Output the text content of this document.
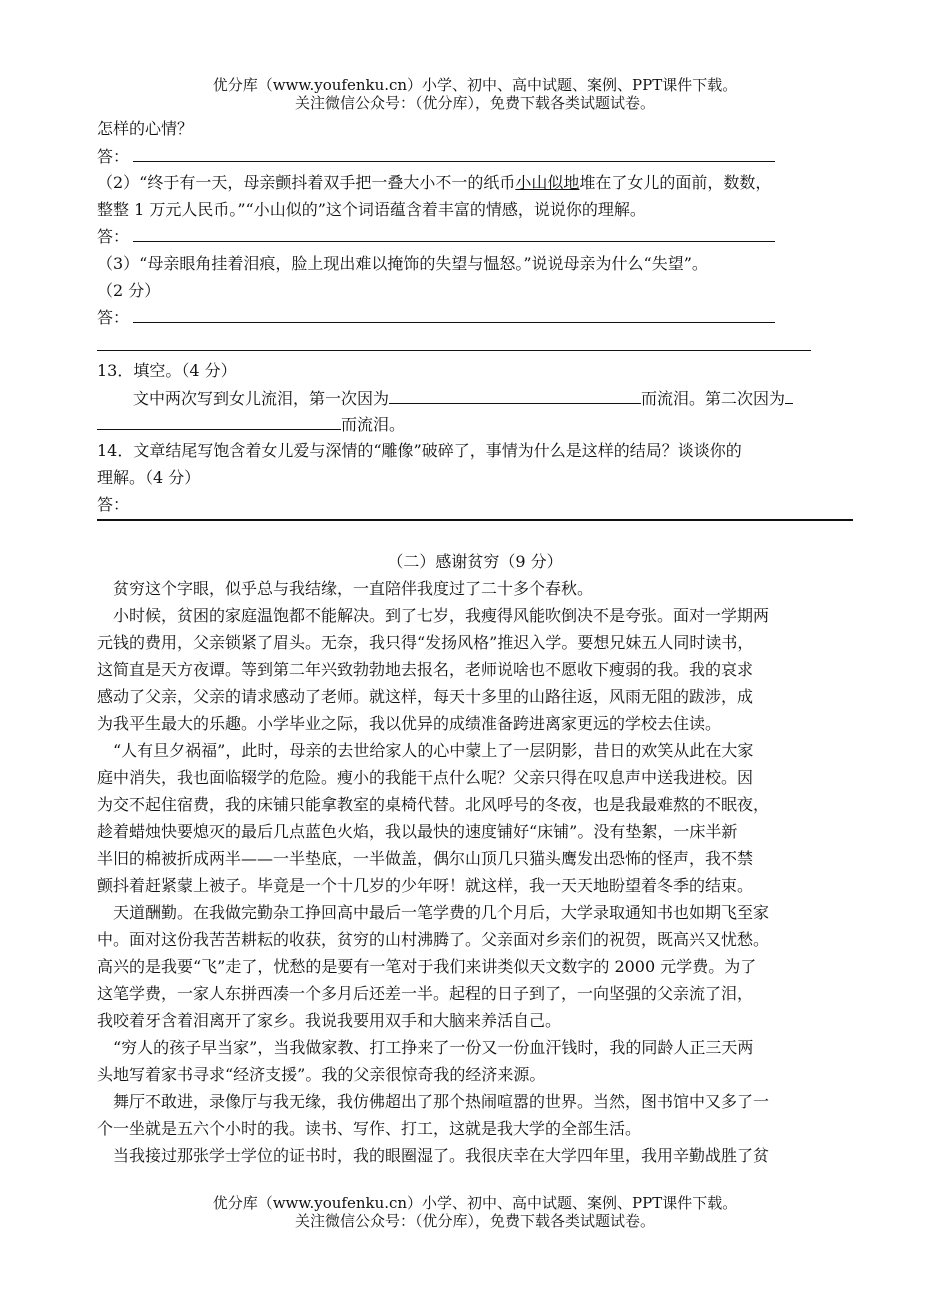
优分库（www.youfenku.cn）小学、初中、高中试题、案例、PPT课件下载。
关注微信公众号：（优分库），免费下载各类试题试卷。
怎样的心情？
答：
（2）“终于有一天，母亲颤抖着双手把一叠大小不一的纸币小山似地堆在了女儿的面前，数数，
整整 1 万元人民币。”“小山似的”这个词语蕴含着丰富的情感，说说你的理解。
答：
（3）“母亲眼角挂着泪痕，脸上现出难以掩饰的失望与愠怒。”说说母亲为什么“失望”。
（2 分）
答：
13．填空。（4 分）
文中两次写到女儿流泪，第一次因为	而流泪。第二次因为
而流泪。
14．文章结尾写饱含着女儿爱与深情的“雕像”破碎了，事情为什么是这样的结局？谈谈你的
理解。（4 分）
答：
（二）感谢贫穷（9 分）
　贫穷这个字眼，似乎总与我结缘，一直陪伴我度过了二十多个春秋。
　小时候，贫困的家庭温饱都不能解决。到了七岁，我瘦得风能吹倒决不是夸张。面对一学期两
元钱的费用，父亲锁紧了眉头。无奈，我只得“发扬风格”推迟入学。要想兄妹五人同时读书，
这简直是天方夜谭。等到第二年兴致勃勃地去报名，老师说啥也不愿收下瘦弱的我。我的哀求
感动了父亲，父亲的请求感动了老师。就这样，每天十多里的山路往返，风雨无阻的跋涉，成
为我平生最大的乐趣。小学毕业之际，我以优异的成绩准备跨进离家更远的学校去住读。
　“人有旦夕祸福”，此时，母亲的去世给家人的心中蒙上了一层阴影，昔日的欢笑从此在大家
庭中消失，我也面临辍学的危险。瘦小的我能干点什么呢？父亲只得在叹息声中送我进校。因
为交不起住宿费，我的床铺只能拿教室的桌椅代替。北风呼号的冬夜，也是我最难熬的不眠夜，
趁着蜡烛快要熄灭的最后几点蓝色火焰，我以最快的速度铺好“床铺”。没有垫絮，一床半新
半旧的棉被折成两半——一半垫底，一半做盖，偶尔山顶几只猫头鹰发出恐怖的怪声，我不禁
颤抖着赶紧蒙上被子。毕竟是一个十几岁的少年呀！就这样，我一天天地盼望着冬季的结束。
　天道酬勤。在我做完勤杂工挣回高中最后一笔学费的几个月后，大学录取通知书也如期飞至家
中。面对这份我苦苦耕耘的收获，贫穷的山村沸腾了。父亲面对乡亲们的祝贺，既高兴又忧愁。
高兴的是我要“飞”走了，忧愁的是要有一笔对于我们来讲类似天文数字的 2000 元学费。为了
这笔学费，一家人东拼西凑一个多月后还差一半。起程的日子到了，一向坚强的父亲流了泪，
我咬着牙含着泪离开了家乡。我说我要用双手和大脑来养活自己。
　“穷人的孩子早当家”，当我做家教、打工挣来了一份又一份血汗钱时，我的同龄人正三天两
头地写着家书寻求“经济支援”。我的父亲很惊奇我的经济来源。
　舞厅不敢进，录像厅与我无缘，我仿佛超出了那个热闹喧嚣的世界。当然，图书馆中又多了一
个一坐就是五六个小时的我。读书、写作、打工，这就是我大学的全部生活。
　当我接过那张学士学位的证书时，我的眼圈湿了。我很庆幸在大学四年里，我用辛勤战胜了贫
优分库（www.youfenku.cn）小学、初中、高中试题、案例、PPT课件下载。
关注微信公众号：（优分库），免费下载各类试题试卷。
